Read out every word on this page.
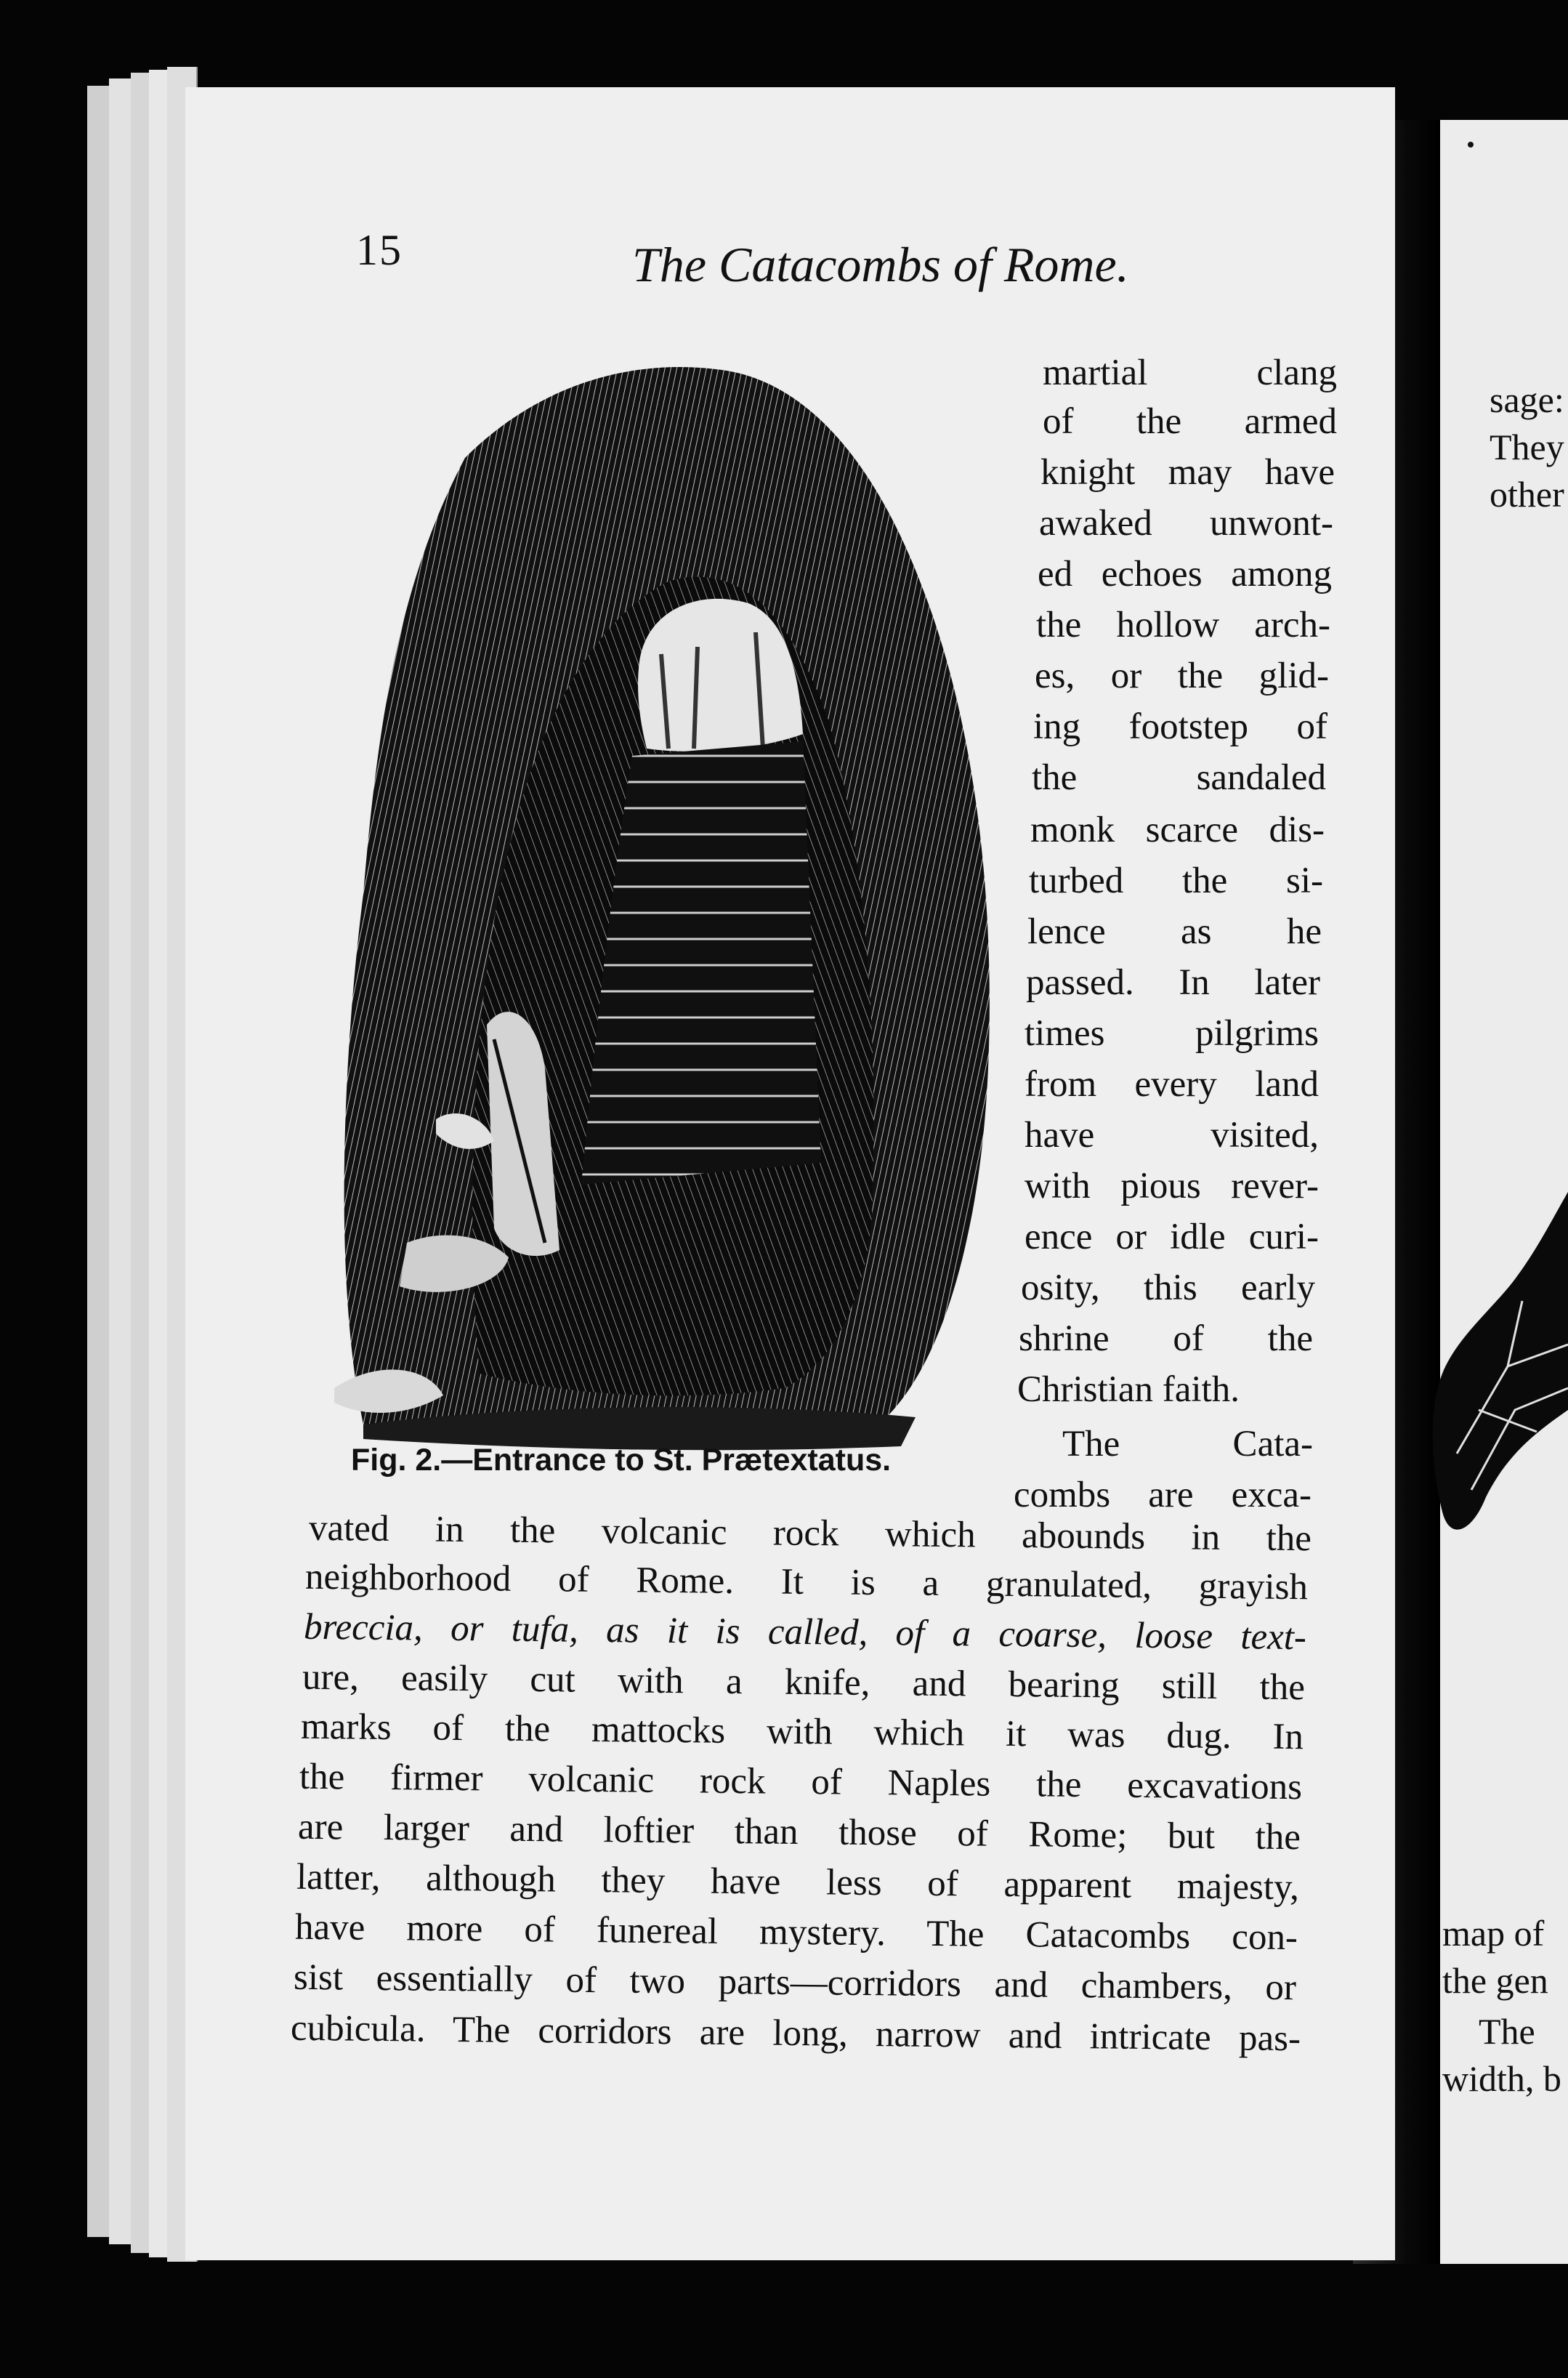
15	The Catacombs of Rome.
Fig. 2.—Entrance to St. Prætextatus.
martial clang
of the armed
knight may have
awaked unwont-
ed echoes among
the hollow arch-
es, or the glid-
ing footstep of
the sandaled
monk scarce dis-
turbed the si-
lence as he
passed. In later
times pilgrims
from every land
have visited,
with pious rever-
ence or idle curi-
osity, this early
shrine of the
Christian faith.
The Cata-
combs are exca-
vated in the volcanic rock which abounds in the
neighborhood of Rome. It is a granulated, grayish
breccia, or tufa, as it is called, of a coarse, loose text-
ure, easily cut with a knife, and bearing still the
marks of the mattocks with which it was dug. In
the firmer volcanic rock of Naples the excavations
are larger and loftier than those of Rome; but the
latter, although they have less of apparent majesty,
have more of funereal mystery. The Catacombs con-
sist essentially of two parts—corridors and chambers, or
cubicula. The corridors are long, narrow and intricate pas-
sage:
They
other
map of
the gen
The
width, b
